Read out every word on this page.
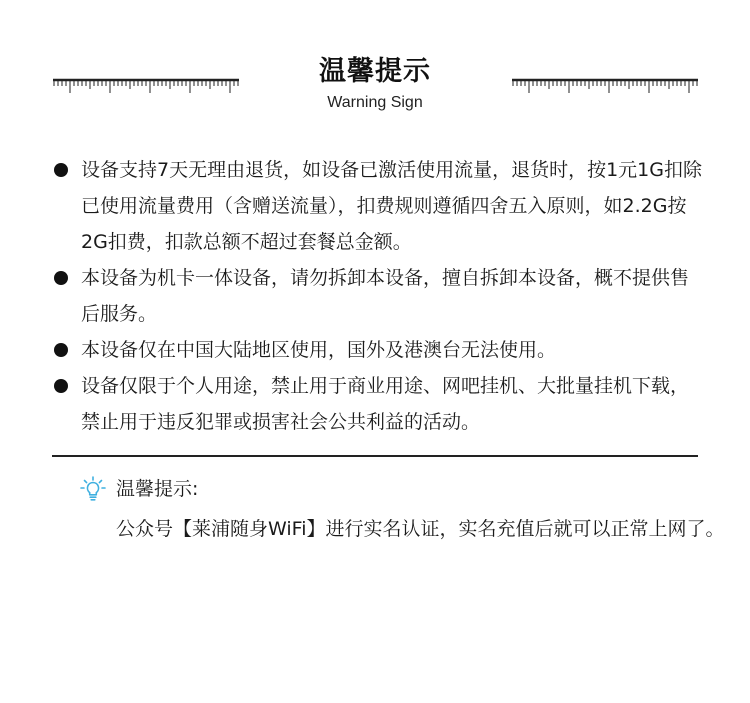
温馨提示
Warning Sign
设备支持7天无理由退货，如设备已激活使用流量，退货时，按1元1G扣除已使用流量费用（含赠送流量），扣费规则遵循四舍五入原则，如2.2G按2G扣费，扣款总额不超过套餐总金额。
本设备为机卡一体设备，请勿拆卸本设备，擅自拆卸本设备，概不提供售后服务。
本设备仅在中国大陆地区使用，国外及港澳台无法使用。
设备仅限于个人用途，禁止用于商业用途、网吧挂机、大批量挂机下载，禁止用于违反犯罪或损害社会公共利益的活动。
温馨提示:

公众号【莱浦随身WiFi】进行实名认证，实名充值后就可以正常上网了。
